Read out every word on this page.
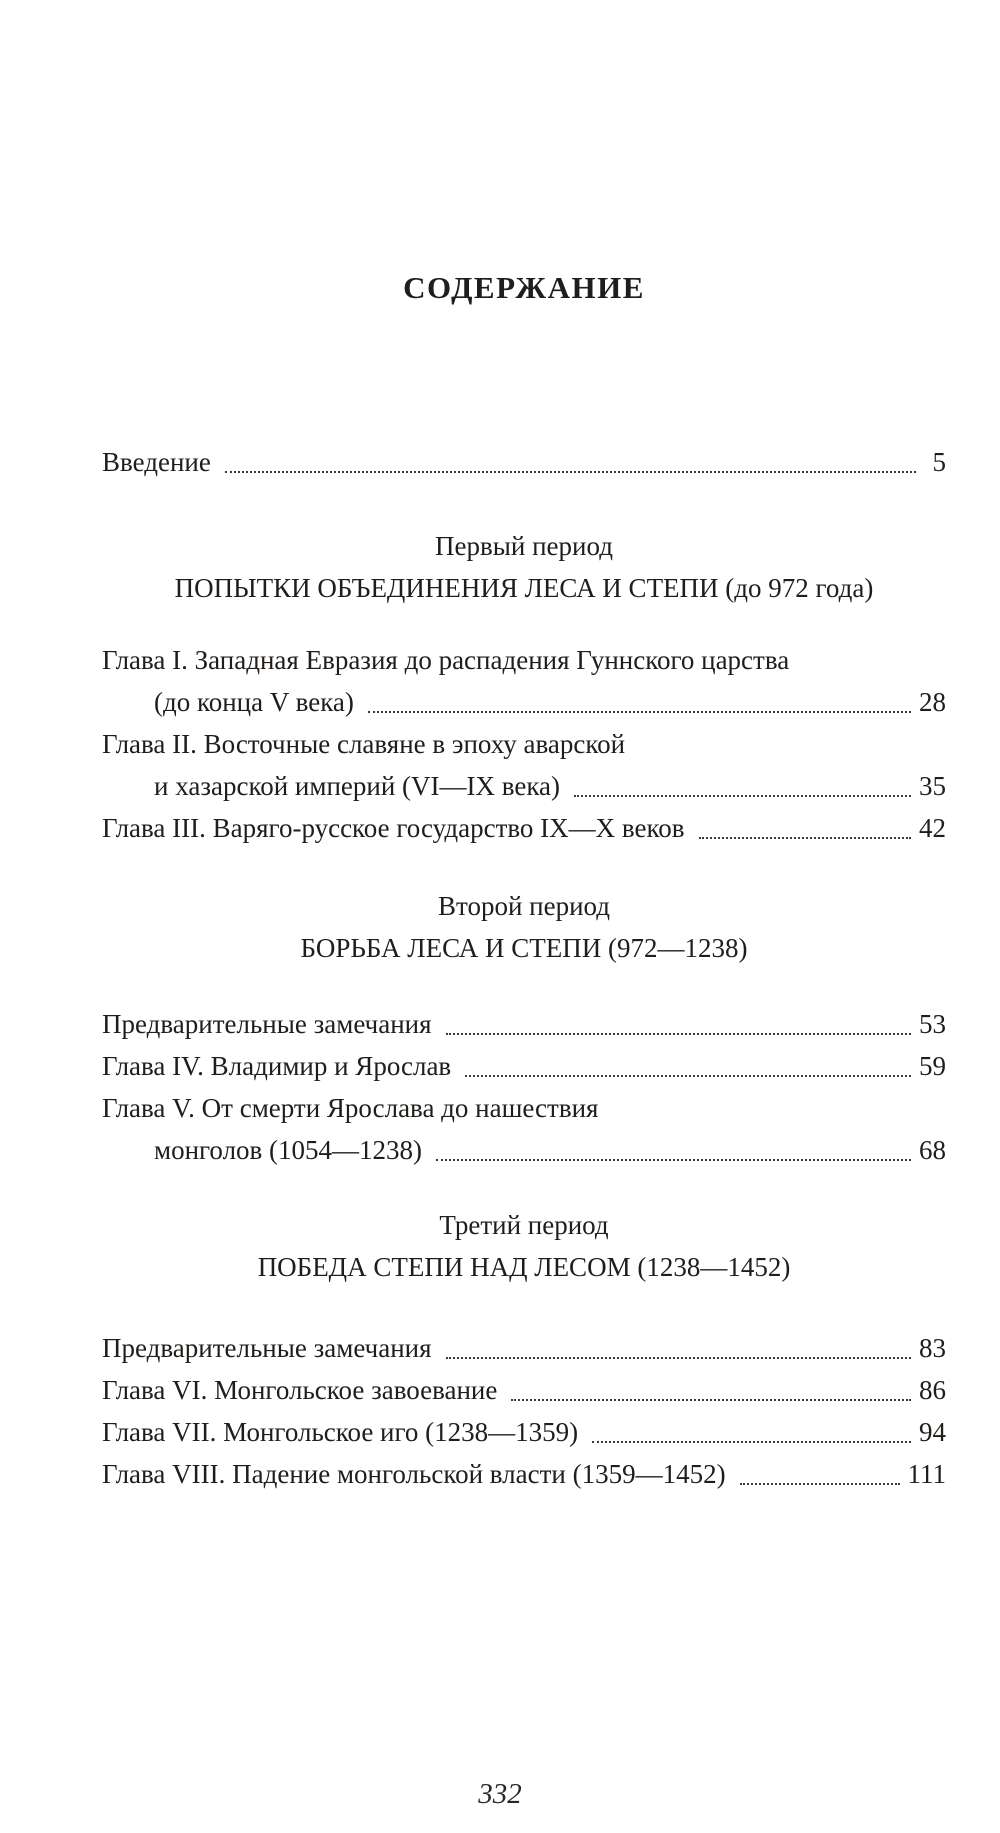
СОДЕРЖАНИЕ
Введение	5
Первый период
ПОПЫТКИ ОБЪЕДИНЕНИЯ ЛЕСА И СТЕПИ (до 972 года)
Глава I. Западная Евразия до распадения Гуннского царства
(до конца V века)	28
Глава II. Восточные славяне в эпоху аварской
и хазарской империй (VI—IX века)	35
Глава III. Варяго-русское государство IX—X веков	42
Второй период
БОРЬБА ЛЕСА И СТЕПИ (972—1238)
Предварительные замечания	53
Глава IV. Владимир и Ярослав	59
Глава V. От смерти Ярослава до нашествия
монголов (1054—1238)	68
Третий период
ПОБЕДА СТЕПИ НАД ЛЕСОМ (1238—1452)
Предварительные замечания	83
Глава VI. Монгольское завоевание	86
Глава VII. Монгольское иго (1238—1359)	94
Глава VIII. Падение монгольской власти (1359—1452)	111
332
